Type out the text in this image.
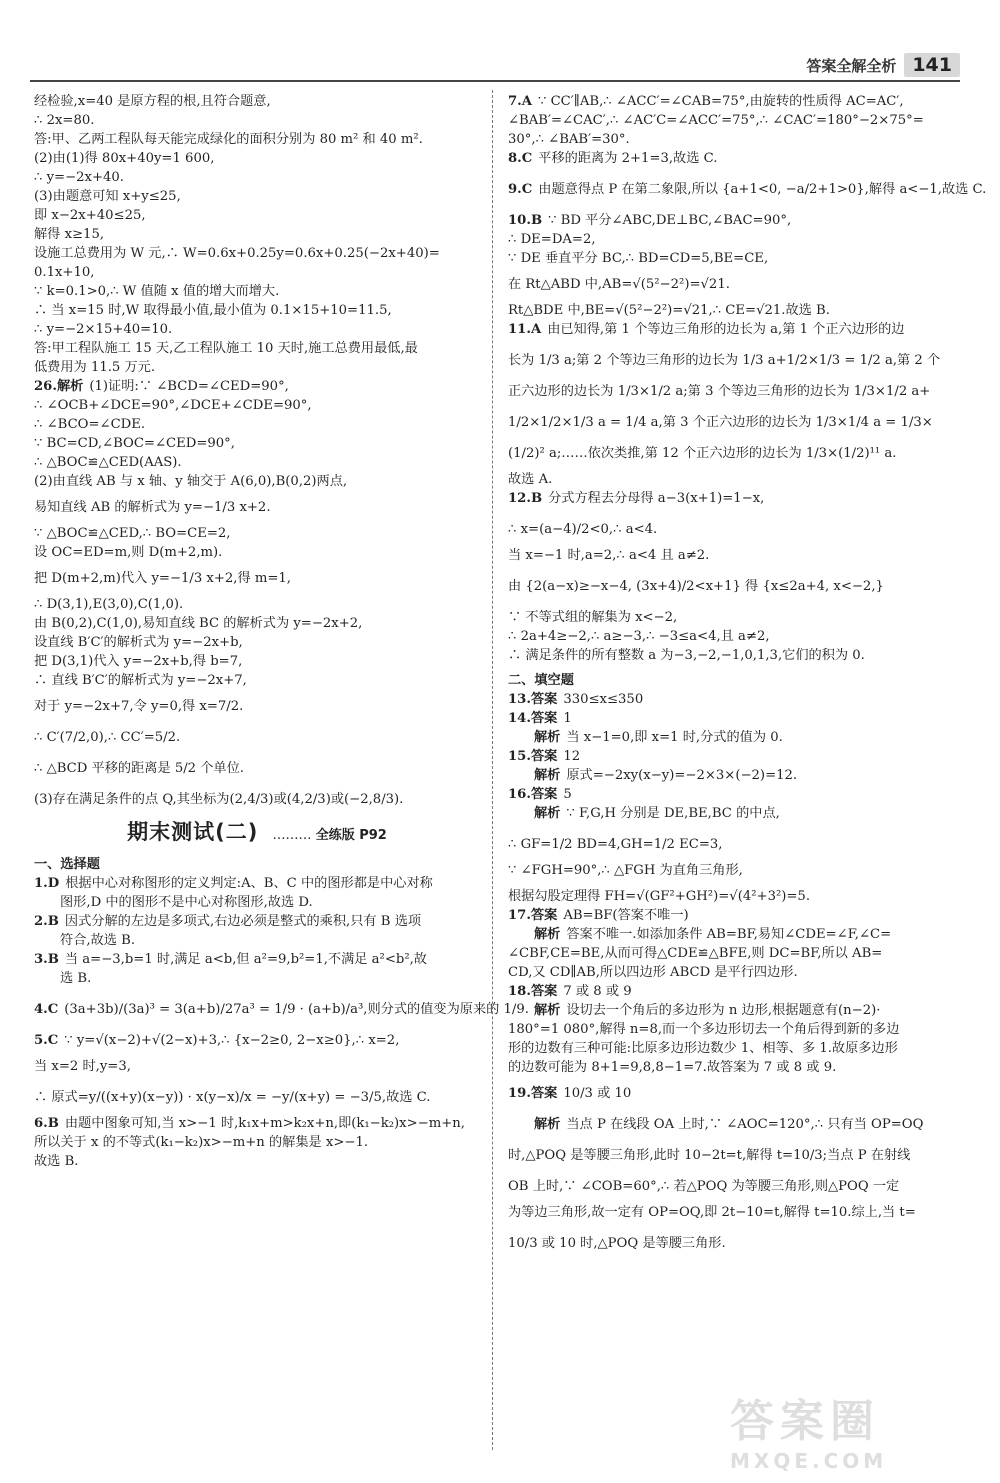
答案全解全析 141
经检验,x=40 是原方程的根,且符合题意,
∴ 2x=80.
答:甲、乙两工程队每天能完成绿化的面积分别为 80 m² 和 40 m².
(2)由(1)得 80x+40y=1 600,
∴ y=−2x+40.
(3)由题意可知 x+y≤25,
即 x−2x+40≤25,
解得 x≥15,
设施工总费用为 W 元,∴ W=0.6x+0.25y=0.6x+0.25(−2x+40)=
0.1x+10,
∵ k=0.1>0,∴ W 值随 x 值的增大而增大.
∴ 当 x=15 时,W 取得最小值,最小值为 0.1×15+10=11.5,
∴ y=−2×15+40=10.
答:甲工程队施工 15 天,乙工程队施工 10 天时,施工总费用最低,最
低费用为 11.5 万元.
26.解析 (1)证明:∵ ∠BCD=∠CED=90°,
∴ ∠OCB+∠DCE=90°,∠DCE+∠CDE=90°,
∴ ∠BCO=∠CDE.
∵ BC=CD,∠BOC=∠CED=90°,
∴ △BOC≌△CED(AAS).
(2)由直线 AB 与 x 轴、y 轴交于 A(6,0),B(0,2)两点,
易知直线 AB 的解析式为 y=−1/3 x+2.
∵ △BOC≌△CED,∴ BO=CE=2,
设 OC=ED=m,则 D(m+2,m).
把 D(m+2,m)代入 y=−1/3 x+2,得 m=1,
∴ D(3,1),E(3,0),C(1,0).
由 B(0,2),C(1,0),易知直线 BC 的解析式为 y=−2x+2,
设直线 B′C′的解析式为 y=−2x+b,
把 D(3,1)代入 y=−2x+b,得 b=7,
∴ 直线 B′C′的解析式为 y=−2x+7,
对于 y=−2x+7,令 y=0,得 x=7/2.
∴ C′(7/2,0),∴ CC′=5/2.
∴ △BCD 平移的距离是 5/2 个单位.
(3)存在满足条件的点 Q,其坐标为(2,4/3)或(4,2/3)或(−2,8/3).
期末测试(二) ……… 全练版 P92
一、选择题
1.D 根据中心对称图形的定义判定:A、B、C 中的图形都是中心对称
图形,D 中的图形不是中心对称图形,故选 D.
2.B 因式分解的左边是多项式,右边必须是整式的乘积,只有 B 选项
符合,故选 B.
3.B 当 a=−3,b=1 时,满足 a<b,但 a²=9,b²=1,不满足 a²<b²,故
选 B.
4.C (3a+3b)/(3a)³ = 3(a+b)/27a³ = 1/9 · (a+b)/a³,则分式的值变为原来的 1/9.
5.C ∵ y=√(x−2)+√(2−x)+3,∴ {x−2≥0, 2−x≥0},∴ x=2,
当 x=2 时,y=3,
∴ 原式=y/((x+y)(x−y)) · x(y−x)/x = −y/(x+y) = −3/5,故选 C.
6.B 由题中图象可知,当 x>−1 时,k₁x+m>k₂x+n,即(k₁−k₂)x>−m+n,
所以关于 x 的不等式(k₁−k₂)x>−m+n 的解集是 x>−1.
故选 B.
7.A ∵ CC′∥AB,∴ ∠ACC′=∠CAB=75°,由旋转的性质得 AC=AC′,
∠BAB′=∠CAC′,∴ ∠AC′C=∠ACC′=75°,∴ ∠CAC′=180°−2×75°=
30°,∴ ∠BAB′=30°.
8.C 平移的距离为 2+1=3,故选 C.
9.C 由题意得点 P 在第二象限,所以 {a+1<0, −a/2+1>0},解得 a<−1,故选 C.
10.B ∵ BD 平分∠ABC,DE⊥BC,∠BAC=90°,
∴ DE=DA=2,
∵ DE 垂直平分 BC,∴ BD=CD=5,BE=CE,
在 Rt△ABD 中,AB=√(5²−2²)=√21.
Rt△BDE 中,BE=√(5²−2²)=√21,∴ CE=√21.故选 B.
11.A 由已知得,第 1 个等边三角形的边长为 a,第 1 个正六边形的边
长为 1/3 a;第 2 个等边三角形的边长为 1/3 a+1/2×1/3 = 1/2 a,第 2 个
正六边形的边长为 1/3×1/2 a;第 3 个等边三角形的边长为 1/3×1/2 a+
1/2×1/2×1/3 a = 1/4 a,第 3 个正六边形的边长为 1/3×1/4 a = 1/3×
(1/2)² a;……依次类推,第 12 个正六边形的边长为 1/3×(1/2)¹¹ a.
故选 A.
12.B 分式方程去分母得 a−3(x+1)=1−x,
∴ x=(a−4)/2<0,∴ a<4.
当 x=−1 时,a=2,∴ a<4 且 a≠2.
由 {2(a−x)≥−x−4, (3x+4)/2<x+1} 得 {x≤2a+4, x<−2,}
∵ 不等式组的解集为 x<−2,
∴ 2a+4≥−2,∴ a≥−3,∴ −3≤a<4,且 a≠2,
∴ 满足条件的所有整数 a 为−3,−2,−1,0,1,3,它们的积为 0.
二、填空题
13.答案 330≤x≤350
14.答案 1
解析 当 x−1=0,即 x=1 时,分式的值为 0.
15.答案 12
解析 原式=−2xy(x−y)=−2×3×(−2)=12.
16.答案 5
解析 ∵ F,G,H 分别是 DE,BE,BC 的中点,
∴ GF=1/2 BD=4,GH=1/2 EC=3,
∵ ∠FGH=90°,∴ △FGH 为直角三角形,
根据勾股定理得 FH=√(GF²+GH²)=√(4²+3²)=5.
17.答案 AB=BF(答案不唯一)
解析 答案不唯一.如添加条件 AB=BF,易知∠CDE=∠F,∠C=
∠CBF,CE=BE,从而可得△CDE≌△BFE,则 DC=BF,所以 AB=
CD,又 CD∥AB,所以四边形 ABCD 是平行四边形.
18.答案 7 或 8 或 9
解析 设切去一个角后的多边形为 n 边形,根据题意有(n−2)·
180°=1 080°,解得 n=8,而一个多边形切去一个角后得到新的多边
形的边数有三种可能:比原多边形边数少 1、相等、多 1.故原多边形
的边数可能为 8+1=9,8,8−1=7.故答案为 7 或 8 或 9.
19.答案 10/3 或 10
解析 当点 P 在线段 OA 上时,∵ ∠AOC=120°,∴ 只有当 OP=OQ
时,△POQ 是等腰三角形,此时 10−2t=t,解得 t=10/3;当点 P 在射线
OB 上时,∵ ∠COB=60°,∴ 若△POQ 为等腰三角形,则△POQ 一定
为等边三角形,故一定有 OP=OQ,即 2t−10=t,解得 t=10.综上,当 t=
10/3 或 10 时,△POQ 是等腰三角形.
答案圈
MXQE.COM
